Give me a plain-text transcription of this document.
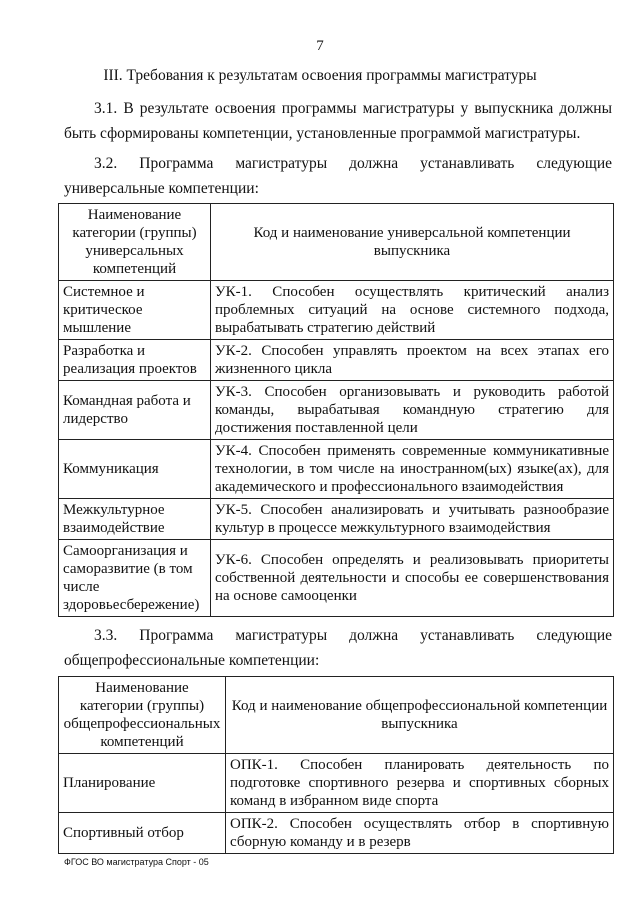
7
III. Требования к результатам освоения программы магистратуры
3.1. В результате освоения программы магистратуры у выпускника должны быть сформированы компетенции, установленные программой магистратуры.
3.2. Программа магистратуры должна устанавливать следующие универсальные компетенции:
Наименование категории (группы) универсальных компетенций	Код и наименование универсальной компетенции выпускника
Системное и критическое мышление	УК-1. Способен осуществлять критический анализ проблемных ситуаций на основе системного подхода, вырабатывать стратегию действий
Разработка и реализация проектов	УК-2. Способен управлять проектом на всех этапах его жизненного цикла
Командная работа и лидерство	УК-3. Способен организовывать и руководить работой команды, вырабатывая командную стратегию для достижения поставленной цели
Коммуникация	УК-4. Способен применять современные коммуникативные технологии, в том числе на иностранном(ых) языке(ах), для академического и профессионального взаимодействия
Межкультурное взаимодействие	УК-5. Способен анализировать и учитывать разнообразие культур в процессе межкультурного взаимодействия
Самоорганизация и саморазвитие (в том числе здоровьесбережение)	УК-6. Способен определять и реализовывать приоритеты собственной деятельности и способы ее совершенствования на основе самооценки
3.3. Программа магистратуры должна устанавливать следующие
общепрофессиональные компетенции:
Наименование категории (группы) общепрофессиональных компетенций	Код и наименование общепрофессиональной компетенции выпускника
Планирование	ОПК-1. Способен планировать деятельность по подготовке спортивного резерва и спортивных сборных команд в избранном виде спорта
Спортивный отбор	ОПК-2. Способен осуществлять отбор в спортивную сборную команду и в резерв
ФГОС ВО магистратура Спорт - 05
